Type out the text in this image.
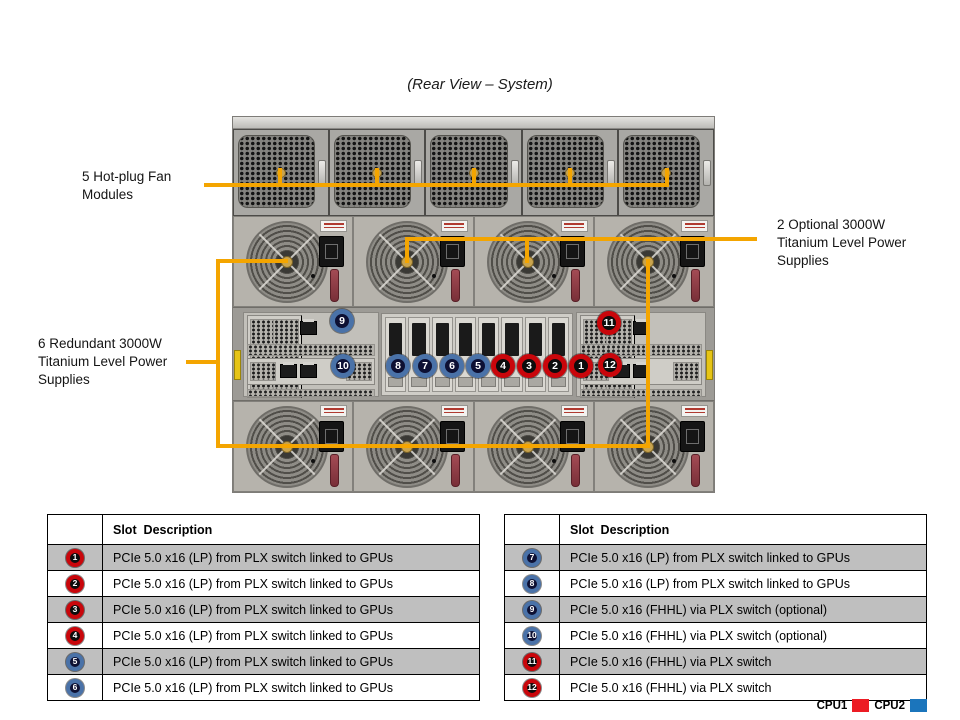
(Rear View – System)
1
2
3
4
5
6
7
8
9
10
11
12
5 Hot-plug Fan Modules
2 Optional 3000W Titanium Level Power Supplies
6 Redundant 3000W Titanium Level Power Supplies
Slot  Description
1	PCIe 5.0 x16 (LP) from PLX switch linked to GPUs
2	PCIe 5.0 x16 (LP) from PLX switch linked to GPUs
3	PCIe 5.0 x16 (LP) from PLX switch linked to GPUs
4	PCIe 5.0 x16 (LP) from PLX switch linked to GPUs
5	PCIe 5.0 x16 (LP) from PLX switch linked to GPUs
6	PCIe 5.0 x16 (LP) from PLX switch linked to GPUs
Slot  Description
7	PCIe 5.0 x16 (LP) from PLX switch linked to GPUs
8	PCIe 5.0 x16 (LP) from PLX switch linked to GPUs
9	PCIe 5.0 x16 (FHHL) via PLX switch (optional)
10	PCIe 5.0 x16 (FHHL) via PLX switch (optional)
11	PCIe 5.0 x16 (FHHL) via PLX switch
12	PCIe 5.0 x16 (FHHL) via PLX switch
CPU1 CPU2
